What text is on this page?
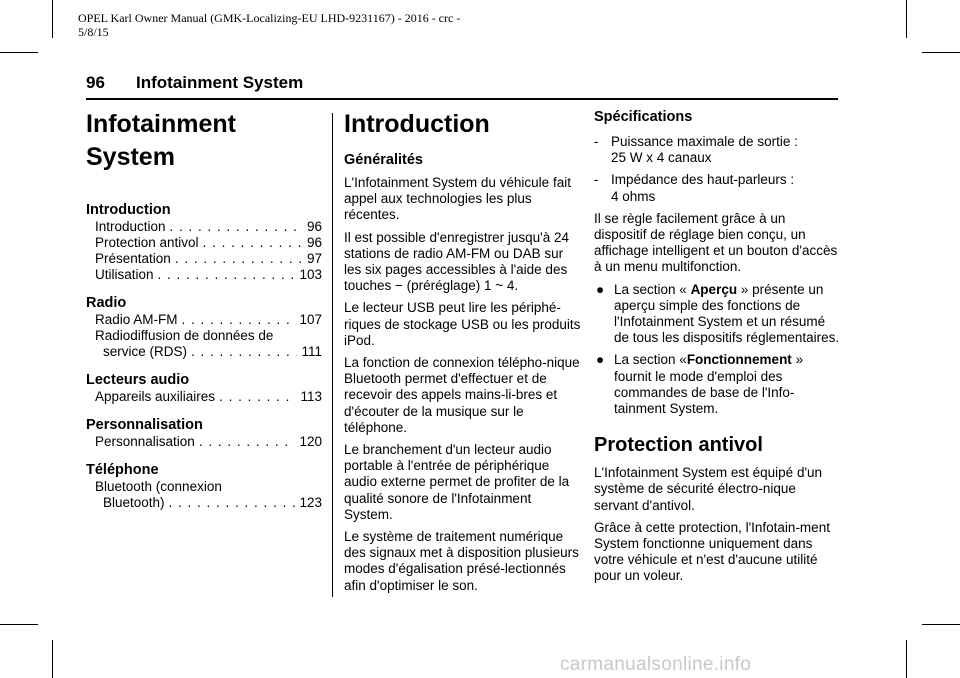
OPEL Karl Owner Manual (GMK-Localizing-EU LHD-9231167) - 2016 - crc -
5/8/15
96 Infotainment System
Infotainment
System
Introduction
Introduction . . .	96
Protection antivol . . .	96
Présentation . . .	97
Utilisation . . .	103
Radio
Radio AM-FM . . .	107
Radiodiffusion de données de
service (RDS) . . .	111
Lecteurs audio
Appareils auxiliaires . . .	113
Personnalisation
Personnalisation . . .	120
Téléphone
Bluetooth (connexion
Bluetooth) . . .	123
Introduction
Généralités

L'Infotainment System du véhicule fait appel aux technologies les plus récentes.

Il est possible d'enregistrer jusqu'à 24 stations de radio AM-FM ou DAB sur les six pages accessibles à l'aide des touches − (préréglage) 1 ~ 4.

Le lecteur USB peut lire les périphé-riques de stockage USB ou les produits iPod.

La fonction de connexion télépho-nique Bluetooth permet d'effectuer et de recevoir des appels mains-li-bres et d'écouter de la musique sur le téléphone.

Le branchement d'un lecteur audio portable à l'entrée de périphérique audio externe permet de profiter de la qualité sonore de l'Infotainment System.

Le système de traitement numérique des signaux met à disposition plusieurs modes d'égalisation présé-lectionnés afin d'optimiser le son.

Spécifications
- Puissance maximale de sortie :
25 W x 4 canaux
- Impédance des haut-parleurs :
4 ohms

Il se règle facilement grâce à un dispositif de réglage bien conçu, un affichage intelligent et un bouton d'accès à un menu multifonction.

● La section « Aperçu » présente un aperçu simple des fonctions de l'Infotainment System et un résumé de tous les dispositifs réglementaires.
● La section «Fonctionnement » fournit le mode d'emploi des commandes de base de l'Info-tainment System.
Protection antivol

L'Infotainment System est équipé d'un système de sécurité électro-nique servant d'antivol.

Grâce à cette protection, l'Infotain-ment System fonctionne uniquement dans votre véhicule et n'est d'aucune utilité pour un voleur.

carmanualsonline.info
